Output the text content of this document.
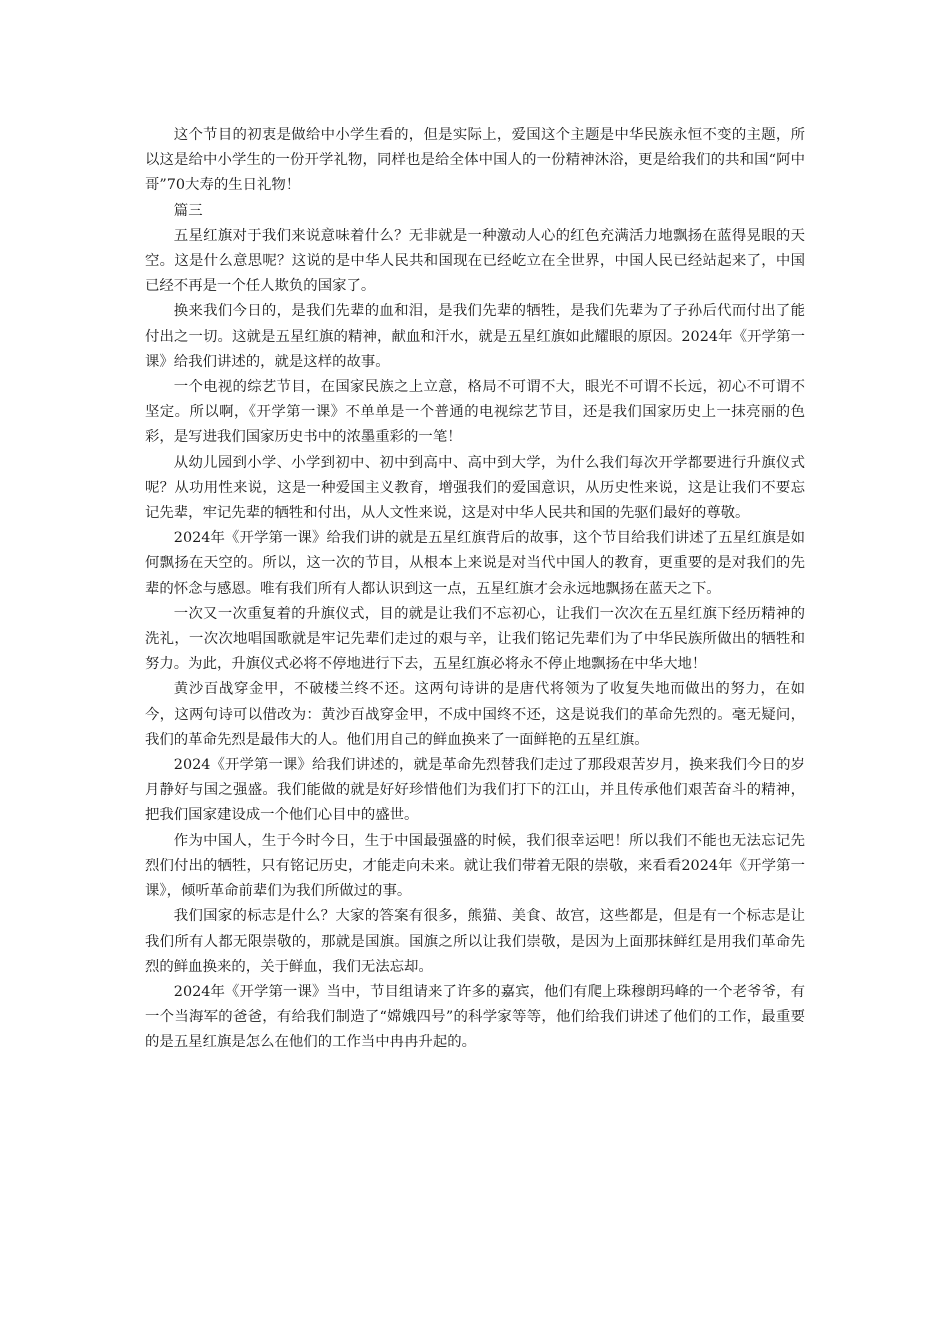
这个节目的初衷是做给中小学生看的，但是实际上，爱国这个主题是中华民族永恒不变的主题，所以这是给中小学生的一份开学礼物，同样也是给全体中国人的一份精神沐浴，更是给我们的共和国“阿中哥”70大寿的生日礼物！

篇三

五星红旗对于我们来说意味着什么？无非就是一种激动人心的红色充满活力地飘扬在蓝得晃眼的天空。这是什么意思呢？这说的是中华人民共和国现在已经屹立在全世界，中国人民已经站起来了，中国已经不再是一个任人欺负的国家了。

换来我们今日的，是我们先辈的血和泪，是我们先辈的牺牲，是我们先辈为了子孙后代而付出了能付出之一切。这就是五星红旗的精神，献血和汗水，就是五星红旗如此耀眼的原因。2024年《开学第一课》给我们讲述的，就是这样的故事。

一个电视的综艺节目，在国家民族之上立意，格局不可谓不大，眼光不可谓不长远，初心不可谓不坚定。所以啊，《开学第一课》不单单是一个普通的电视综艺节目，还是我们国家历史上一抹亮丽的色彩，是写进我们国家历史书中的浓墨重彩的一笔！

从幼儿园到小学、小学到初中、初中到高中、高中到大学，为什么我们每次开学都要进行升旗仪式呢？从功用性来说，这是一种爱国主义教育，增强我们的爱国意识，从历史性来说，这是让我们不要忘记先辈，牢记先辈的牺牲和付出，从人文性来说，这是对中华人民共和国的先驱们最好的尊敬。

2024年《开学第一课》给我们讲的就是五星红旗背后的故事，这个节目给我们讲述了五星红旗是如何飘扬在天空的。所以，这一次的节目，从根本上来说是对当代中国人的教育，更重要的是对我们的先辈的怀念与感恩。唯有我们所有人都认识到这一点，五星红旗才会永远地飘扬在蓝天之下。

一次又一次重复着的升旗仪式，目的就是让我们不忘初心，让我们一次次在五星红旗下经历精神的洗礼，一次次地唱国歌就是牢记先辈们走过的艰与辛，让我们铭记先辈们为了中华民族所做出的牺牲和努力。为此，升旗仪式必将不停地进行下去，五星红旗必将永不停止地飘扬在中华大地！

黄沙百战穿金甲，不破楼兰终不还。这两句诗讲的是唐代将领为了收复失地而做出的努力，在如今，这两句诗可以借改为：黄沙百战穿金甲，不成中国终不还，这是说我们的革命先烈的。毫无疑问，我们的革命先烈是最伟大的人。他们用自己的鲜血换来了一面鲜艳的五星红旗。

2024《开学第一课》给我们讲述的，就是革命先烈替我们走过了那段艰苦岁月，换来我们今日的岁月静好与国之强盛。我们能做的就是好好珍惜他们为我们打下的江山，并且传承他们艰苦奋斗的精神，把我们国家建设成一个他们心目中的盛世。

作为中国人，生于今时今日，生于中国最强盛的时候，我们很幸运吧！所以我们不能也无法忘记先烈们付出的牺牲，只有铭记历史，才能走向未来。就让我们带着无限的崇敬，来看看2024年《开学第一课》，倾听革命前辈们为我们所做过的事。

我们国家的标志是什么？大家的答案有很多，熊猫、美食、故宫，这些都是，但是有一个标志是让我们所有人都无限崇敬的，那就是国旗。国旗之所以让我们崇敬，是因为上面那抹鲜红是用我们革命先烈的鲜血换来的，关于鲜血，我们无法忘却。

2024年《开学第一课》当中，节目组请来了许多的嘉宾，他们有爬上珠穆朗玛峰的一个老爷爷，有一个当海军的爸爸，有给我们制造了“嫦娥四号”的科学家等等，他们给我们讲述了他们的工作，最重要的是五星红旗是怎么在他们的工作当中冉冉升起的。
